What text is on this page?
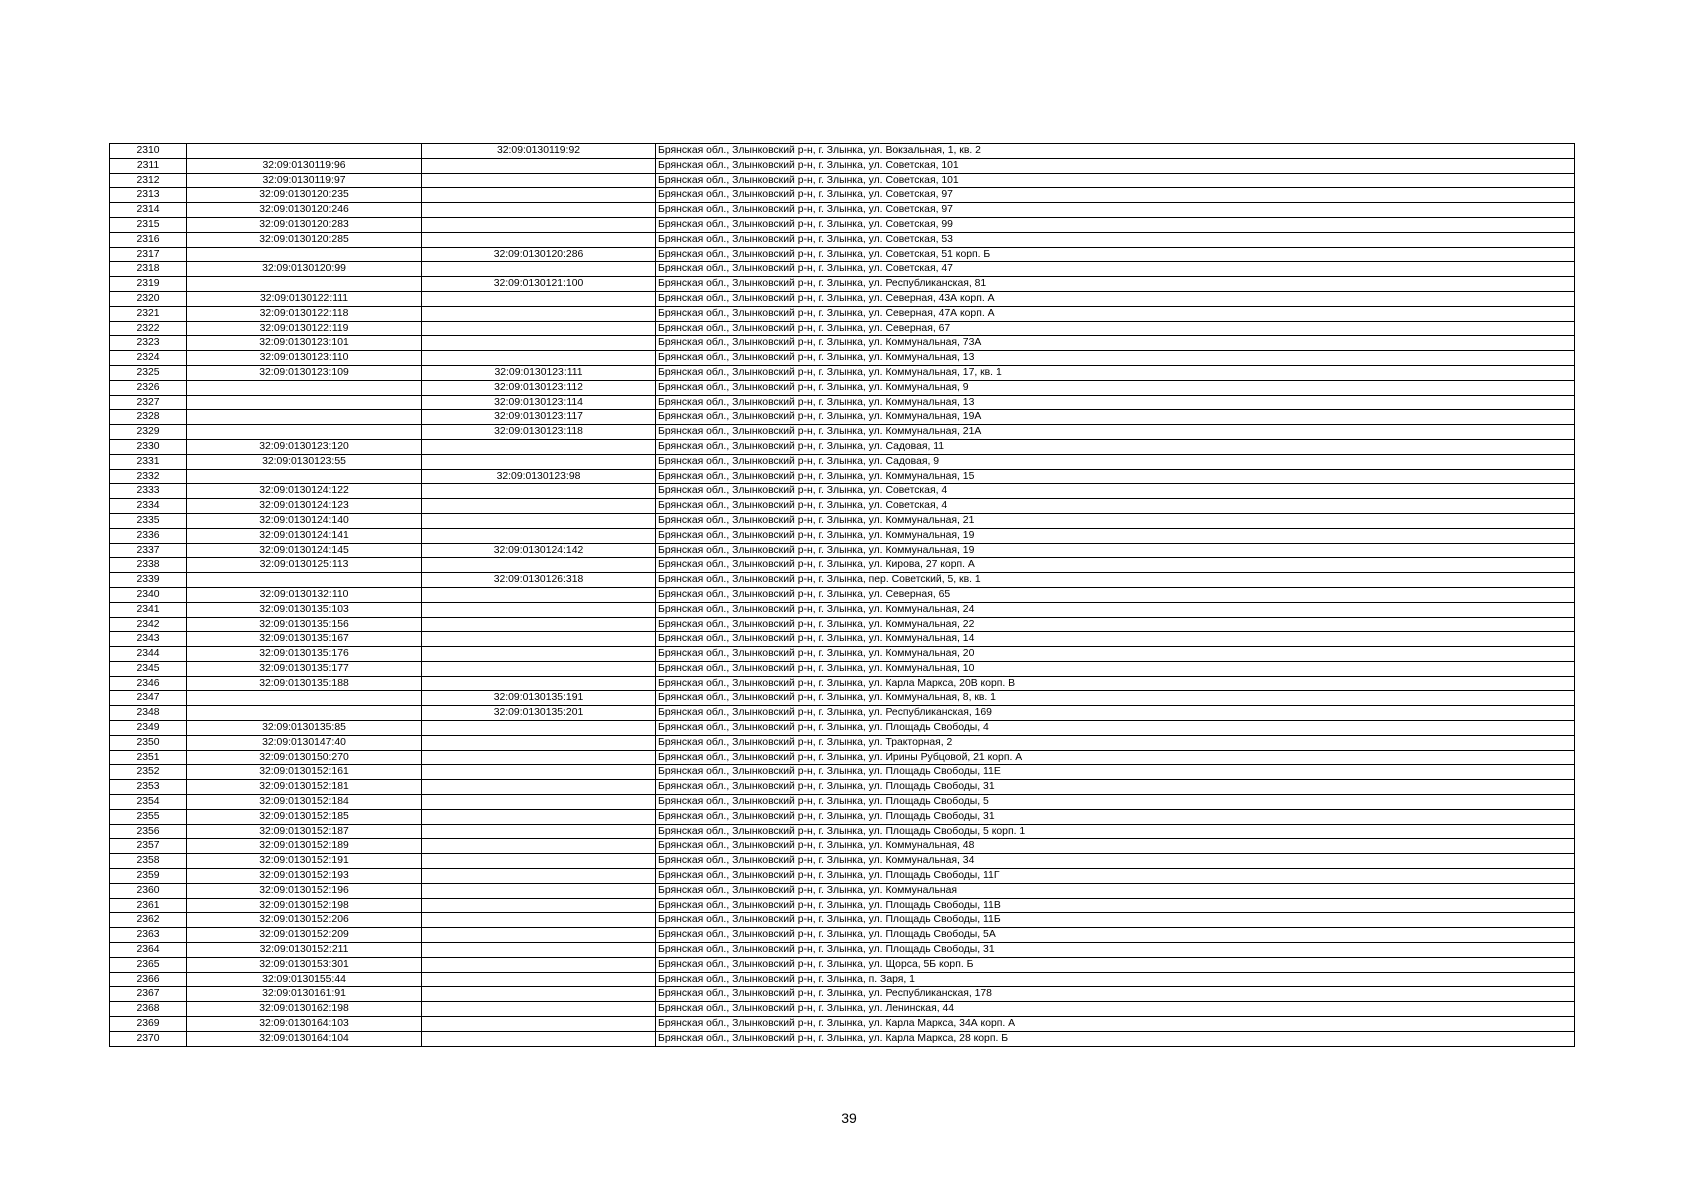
2310		32:09:0130119:92	Брянская обл., Злынковский р-н, г. Злынка, ул. Вокзальная, 1, кв. 2
2311	32:09:0130119:96		Брянская обл., Злынковский р-н, г. Злынка, ул. Советская, 101
2312	32:09:0130119:97		Брянская обл., Злынковский р-н, г. Злынка, ул. Советская, 101
2313	32:09:0130120:235		Брянская обл., Злынковский р-н, г. Злынка, ул. Советская, 97
2314	32:09:0130120:246		Брянская обл., Злынковский р-н, г. Злынка, ул. Советская, 97
2315	32:09:0130120:283		Брянская обл., Злынковский р-н, г. Злынка, ул. Советская, 99
2316	32:09:0130120:285		Брянская обл., Злынковский р-н, г. Злынка, ул. Советская, 53
2317		32:09:0130120:286	Брянская обл., Злынковский р-н, г. Злынка, ул. Советская, 51 корп. Б
2318	32:09:0130120:99		Брянская обл., Злынковский р-н, г. Злынка, ул. Советская, 47
2319		32:09:0130121:100	Брянская обл., Злынковский р-н, г. Злынка, ул. Республиканская, 81
2320	32:09:0130122:111		Брянская обл., Злынковский р-н, г. Злынка, ул. Северная, 43А корп. А
2321	32:09:0130122:118		Брянская обл., Злынковский р-н, г. Злынка, ул. Северная, 47А корп. А
2322	32:09:0130122:119		Брянская обл., Злынковский р-н, г. Злынка, ул. Северная, 67
2323	32:09:0130123:101		Брянская обл., Злынковский р-н, г. Злынка, ул. Коммунальная, 73А
2324	32:09:0130123:110		Брянская обл., Злынковский р-н, г. Злынка, ул. Коммунальная, 13
2325	32:09:0130123:109	32:09:0130123:111	Брянская обл., Злынковский р-н, г. Злынка, ул. Коммунальная, 17, кв. 1
2326		32:09:0130123:112	Брянская обл., Злынковский р-н, г. Злынка, ул. Коммунальная, 9
2327		32:09:0130123:114	Брянская обл., Злынковский р-н, г. Злынка, ул. Коммунальная, 13
2328		32:09:0130123:117	Брянская обл., Злынковский р-н, г. Злынка, ул. Коммунальная, 19А
2329		32:09:0130123:118	Брянская обл., Злынковский р-н, г. Злынка, ул. Коммунальная, 21А
2330	32:09:0130123:120		Брянская обл., Злынковский р-н, г. Злынка, ул. Садовая, 11
2331	32:09:0130123:55		Брянская обл., Злынковский р-н, г. Злынка, ул. Садовая, 9
2332		32:09:0130123:98	Брянская обл., Злынковский р-н, г. Злынка, ул. Коммунальная, 15
2333	32:09:0130124:122		Брянская обл., Злынковский р-н, г. Злынка, ул. Советская, 4
2334	32:09:0130124:123		Брянская обл., Злынковский р-н, г. Злынка, ул. Советская, 4
2335	32:09:0130124:140		Брянская обл., Злынковский р-н, г. Злынка, ул. Коммунальная, 21
2336	32:09:0130124:141		Брянская обл., Злынковский р-н, г. Злынка, ул. Коммунальная, 19
2337	32:09:0130124:145	32:09:0130124:142	Брянская обл., Злынковский р-н, г. Злынка, ул. Коммунальная, 19
2338	32:09:0130125:113		Брянская обл., Злынковский р-н, г. Злынка, ул. Кирова, 27 корп. А
2339		32:09:0130126:318	Брянская обл., Злынковский р-н, г. Злынка, пер. Советский, 5, кв. 1
2340	32:09:0130132:110		Брянская обл., Злынковский р-н, г. Злынка, ул. Северная, 65
2341	32:09:0130135:103		Брянская обл., Злынковский р-н, г. Злынка, ул. Коммунальная, 24
2342	32:09:0130135:156		Брянская обл., Злынковский р-н, г. Злынка, ул. Коммунальная, 22
2343	32:09:0130135:167		Брянская обл., Злынковский р-н, г. Злынка, ул. Коммунальная, 14
2344	32:09:0130135:176		Брянская обл., Злынковский р-н, г. Злынка, ул. Коммунальная, 20
2345	32:09:0130135:177		Брянская обл., Злынковский р-н, г. Злынка, ул. Коммунальная, 10
2346	32:09:0130135:188		Брянская обл., Злынковский р-н, г. Злынка, ул. Карла Маркса, 20В корп. В
2347		32:09:0130135:191	Брянская обл., Злынковский р-н, г. Злынка, ул. Коммунальная, 8, кв. 1
2348		32:09:0130135:201	Брянская обл., Злынковский р-н, г. Злынка, ул. Республиканская, 169
2349	32:09:0130135:85		Брянская обл., Злынковский р-н, г. Злынка, ул. Площадь Свободы, 4
2350	32:09:0130147:40		Брянская обл., Злынковский р-н, г. Злынка, ул. Тракторная, 2
2351	32:09:0130150:270		Брянская обл., Злынковский р-н, г. Злынка, ул. Ирины Рубцовой, 21 корп. А
2352	32:09:0130152:161		Брянская обл., Злынковский р-н, г. Злынка, ул. Площадь Свободы, 11Е
2353	32:09:0130152:181		Брянская обл., Злынковский р-н, г. Злынка, ул. Площадь Свободы, 31
2354	32:09:0130152:184		Брянская обл., Злынковский р-н, г. Злынка, ул. Площадь Свободы, 5
2355	32:09:0130152:185		Брянская обл., Злынковский р-н, г. Злынка, ул. Площадь Свободы, 31
2356	32:09:0130152:187		Брянская обл., Злынковский р-н, г. Злынка, ул. Площадь Свободы, 5 корп. 1
2357	32:09:0130152:189		Брянская обл., Злынковский р-н, г. Злынка, ул. Коммунальная, 48
2358	32:09:0130152:191		Брянская обл., Злынковский р-н, г. Злынка, ул. Коммунальная, 34
2359	32:09:0130152:193		Брянская обл., Злынковский р-н, г. Злынка, ул. Площадь Свободы, 11Г
2360	32:09:0130152:196		Брянская обл., Злынковский р-н, г. Злынка, ул. Коммунальная
2361	32:09:0130152:198		Брянская обл., Злынковский р-н, г. Злынка, ул. Площадь Свободы, 11В
2362	32:09:0130152:206		Брянская обл., Злынковский р-н, г. Злынка, ул. Площадь Свободы, 11Б
2363	32:09:0130152:209		Брянская обл., Злынковский р-н, г. Злынка, ул. Площадь Свободы, 5А
2364	32:09:0130152:211		Брянская обл., Злынковский р-н, г. Злынка, ул. Площадь Свободы, 31
2365	32:09:0130153:301		Брянская обл., Злынковский р-н, г. Злынка, ул. Щорса, 5Б корп. Б
2366	32:09:0130155:44		Брянская обл., Злынковский р-н, г. Злынка, п. Заря, 1
2367	32:09:0130161:91		Брянская обл., Злынковский р-н, г. Злынка, ул. Республиканская, 178
2368	32:09:0130162:198		Брянская обл., Злынковский р-н, г. Злынка, ул. Ленинская, 44
2369	32:09:0130164:103		Брянская обл., Злынковский р-н, г. Злынка, ул. Карла Маркса, 34А корп. А
2370	32:09:0130164:104		Брянская обл., Злынковский р-н, г. Злынка, ул. Карла Маркса, 28 корп. Б
39
